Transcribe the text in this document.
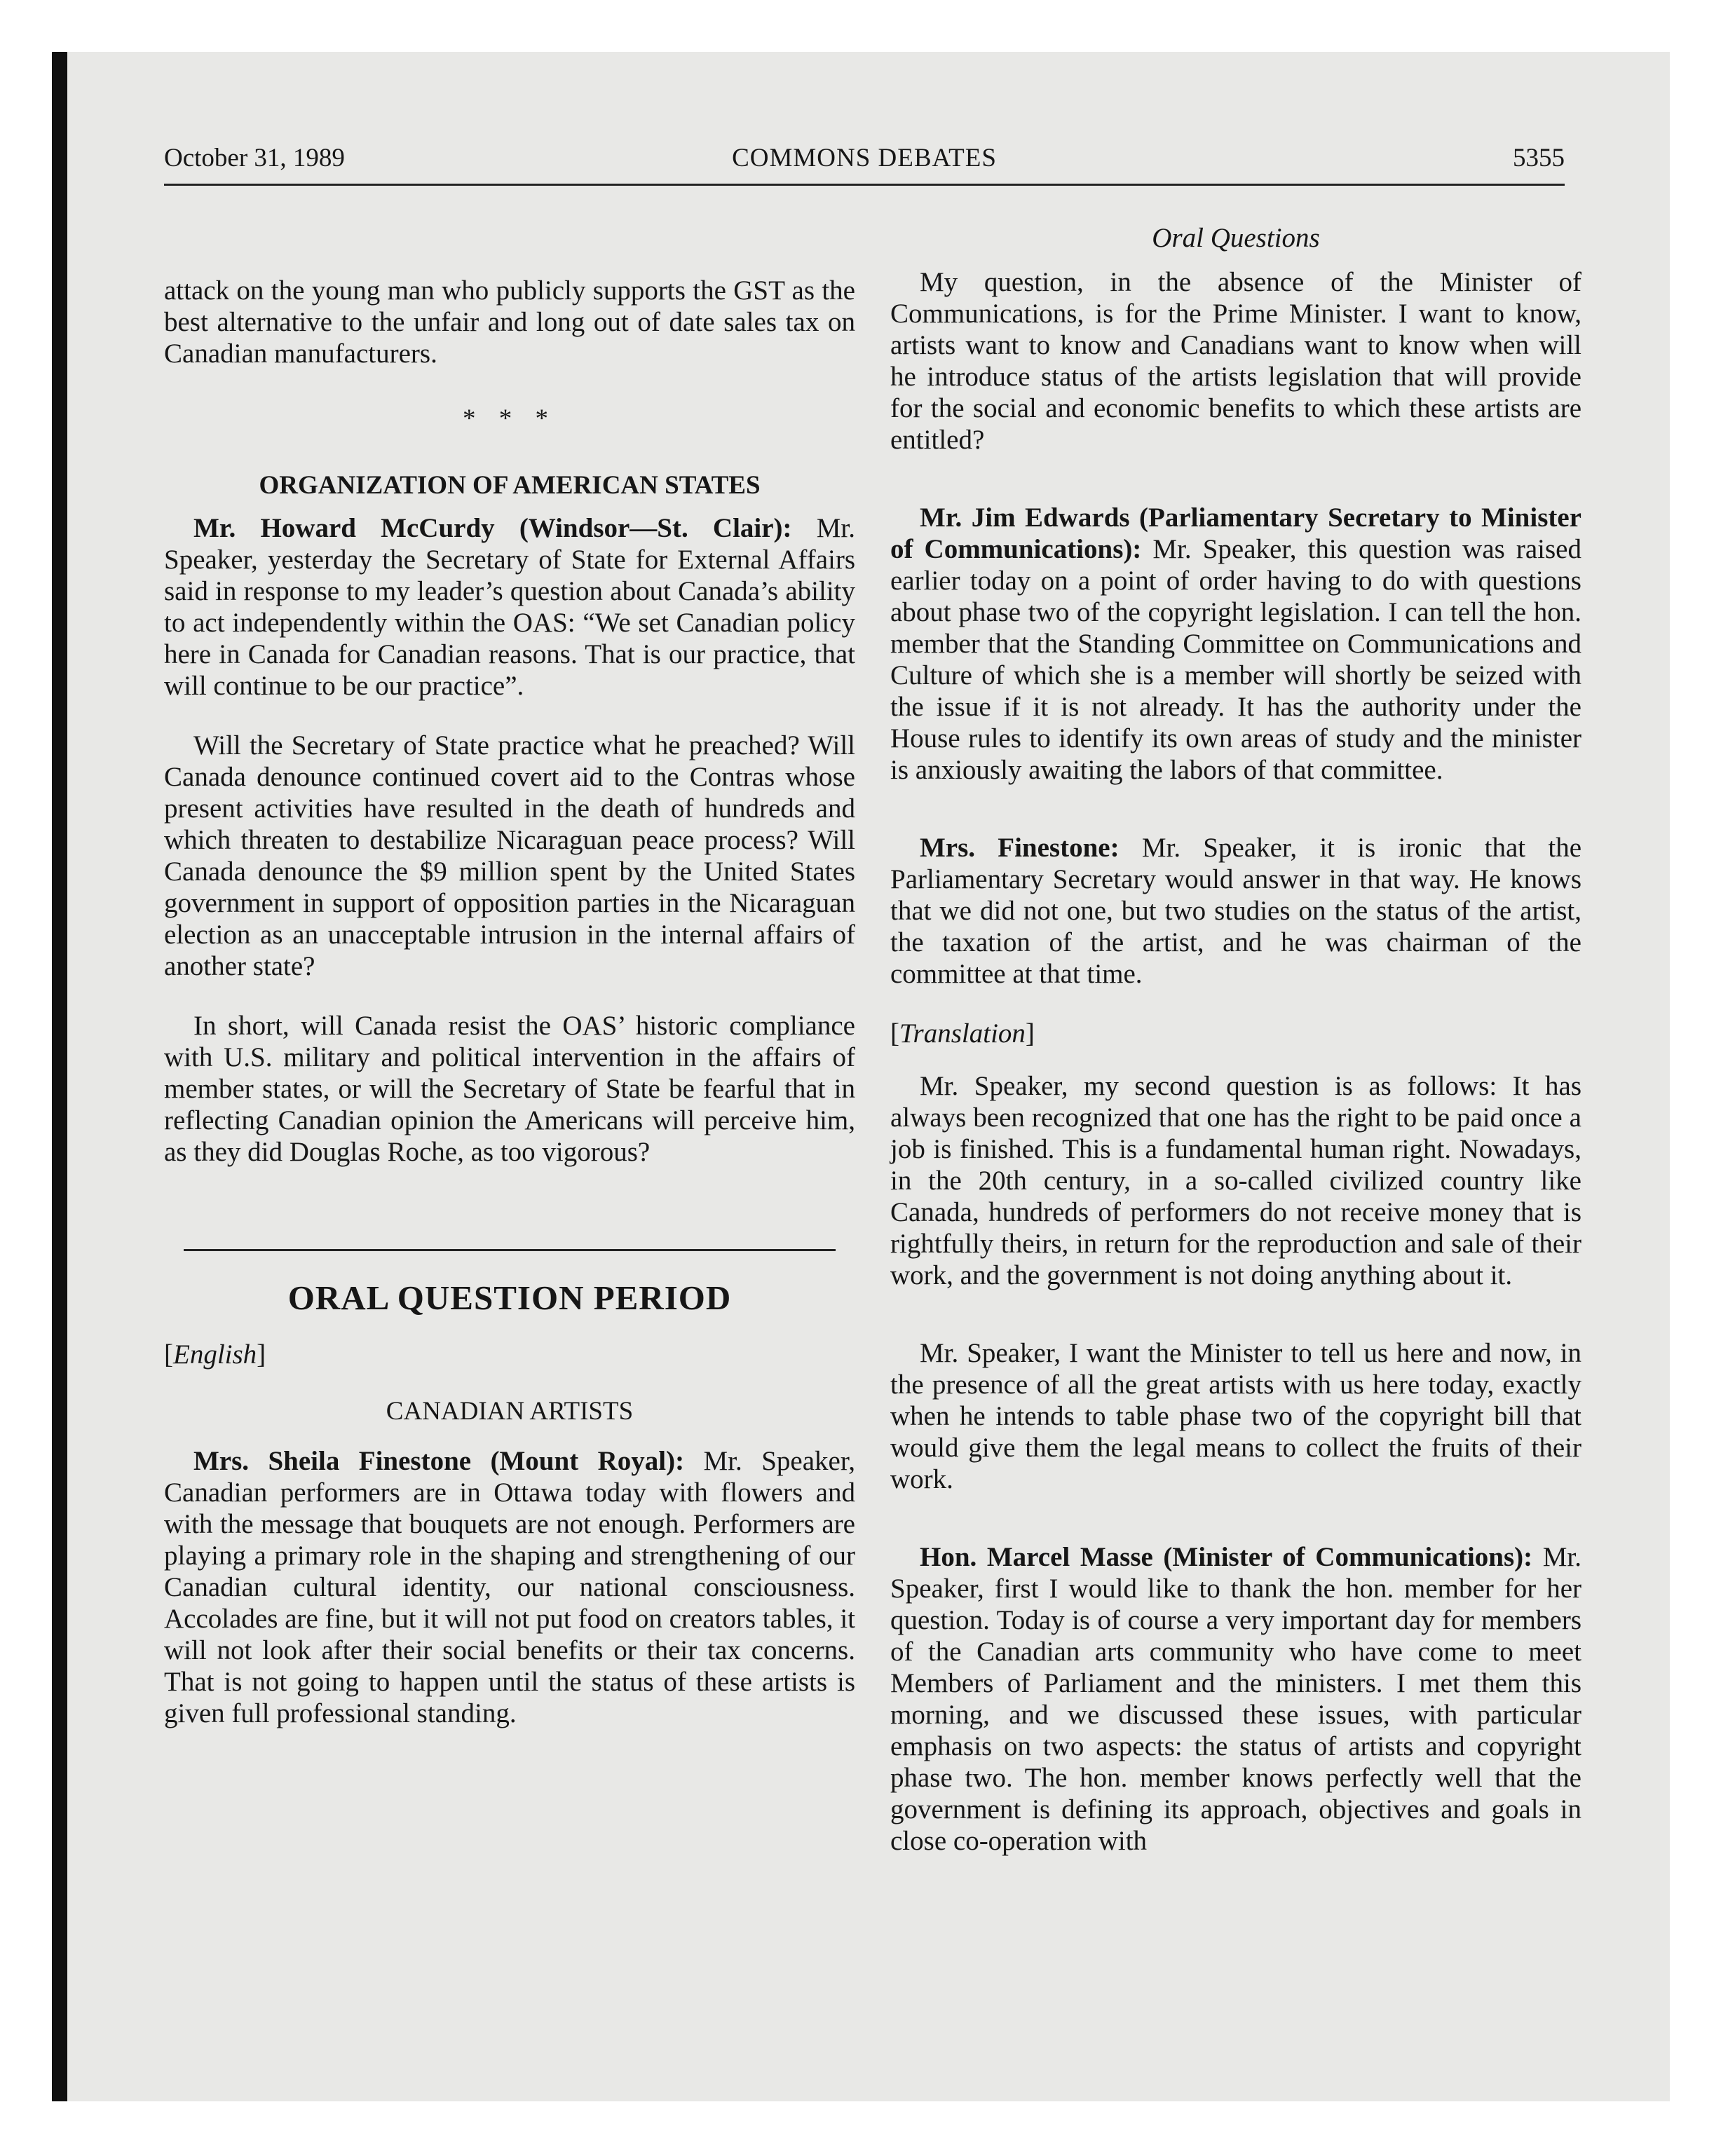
October 31, 1989	COMMONS DEBATES	5355

attack on the young man who publicly supports the GST as the best alternative to the unfair and long out of date sales tax on Canadian manufacturers.

* * *
ORGANIZATION OF AMERICAN STATES

Mr. Howard McCurdy (Windsor—St. Clair): Mr. Speaker, yesterday the Secretary of State for External Affairs said in response to my leader’s question about Canada’s ability to act independently within the OAS: “We set Canadian policy here in Canada for Canadian reasons. That is our practice, that will continue to be our practice”.

Will the Secretary of State practice what he preached? Will Canada denounce continued covert aid to the Contras whose present activities have resulted in the death of hundreds and which threaten to destabilize Nicaraguan peace process? Will Canada denounce the $9 million spent by the United States government in support of opposition parties in the Nicaraguan election as an unacceptable intrusion in the internal affairs of another state?

In short, will Canada resist the OAS’ historic compliance with U.S. military and political intervention in the affairs of member states, or will the Secretary of State be fearful that in reflecting Canadian opinion the Americans will perceive him, as they did Douglas Roche, as too vigorous?

ORAL QUESTION PERIOD

[English]

CANADIAN ARTISTS

Mrs. Sheila Finestone (Mount Royal): Mr. Speaker, Canadian performers are in Ottawa today with flowers and with the message that bouquets are not enough. Performers are playing a primary role in the shaping and strengthening of our Canadian cultural identity, our national consciousness. Accolades are fine, but it will not put food on creators tables, it will not look after their social benefits or their tax concerns. That is not going to happen until the status of these artists is given full professional standing.

Oral Questions

My question, in the absence of the Minister of Communications, is for the Prime Minister. I want to know, artists want to know and Canadians want to know when will he introduce status of the artists legislation that will provide for the social and economic benefits to which these artists are entitled?

Mr. Jim Edwards (Parliamentary Secretary to Minister of Communications): Mr. Speaker, this question was raised earlier today on a point of order having to do with questions about phase two of the copyright legislation. I can tell the hon. member that the Standing Committee on Communications and Culture of which she is a member will shortly be seized with the issue if it is not already. It has the authority under the House rules to identify its own areas of study and the minister is anxiously awaiting the labors of that committee.

Mrs. Finestone: Mr. Speaker, it is ironic that the Parliamentary Secretary would answer in that way. He knows that we did not one, but two studies on the status of the artist, the taxation of the artist, and he was chairman of the committee at that time.

[Translation]

Mr. Speaker, my second question is as follows: It has always been recognized that one has the right to be paid once a job is finished. This is a fundamental human right. Nowadays, in the 20th century, in a so-called civilized country like Canada, hundreds of performers do not receive money that is rightfully theirs, in return for the reproduction and sale of their work, and the government is not doing anything about it.

Mr. Speaker, I want the Minister to tell us here and now, in the presence of all the great artists with us here today, exactly when he intends to table phase two of the copyright bill that would give them the legal means to collect the fruits of their work.

Hon. Marcel Masse (Minister of Communications): Mr. Speaker, first I would like to thank the hon. member for her question. Today is of course a very important day for members of the Canadian arts community who have come to meet Members of Parliament and the ministers. I met them this morning, and we discussed these issues, with particular emphasis on two aspects: the status of artists and copyright phase two. The hon. member knows perfectly well that the government is defining its approach, objectives and goals in close co-operation with
